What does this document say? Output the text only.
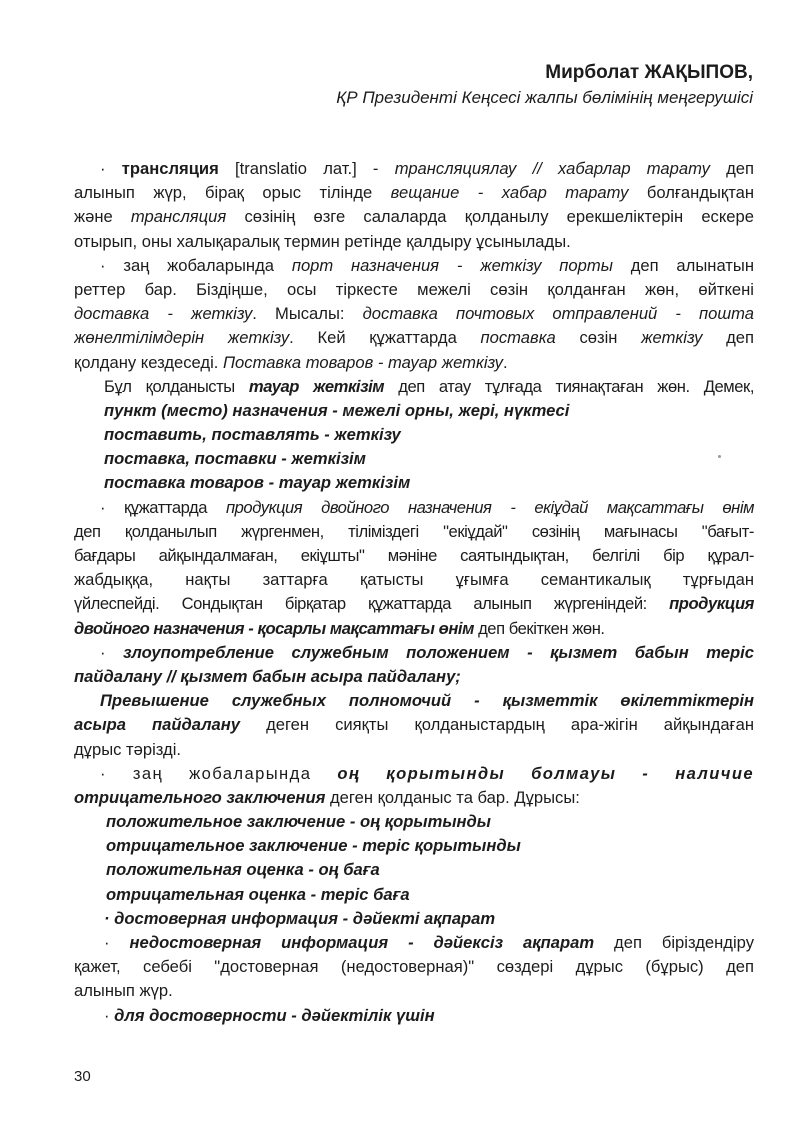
Мирболат ЖАҚЫПОВ,
ҚР Президенті Кеңсесі жалпы бөлімінің меңгерушісі
· трансляция [translatio лат.] - трансляциялау // хабарлар тарату деп
алынып жүр, бірақ орыс тілінде вещание - хабар тарату болғандықтан
және трансляция сөзінің өзге салаларда қолданылу ерекшеліктерін ескере
отырып, оны халықаралық термин ретінде қалдыру ұсынылады.
· заң жобаларында порт назначения - жеткізу порты деп алынатын
реттер бар. Біздіңше, осы тіркесте межелі сөзін қолданған жөн, өйткені
доставка - жеткізу. Мысалы: доставка почтовых отправлений - пошта
жөнелтілімдерін жеткізу. Кей құжаттарда поставка сөзін жеткізу деп
қолдану кездеседі. Поставка товаров - тауар жеткізу.
Бұл қолданысты тауар жеткізім деп атау тұлғада тиянақтаған жөн. Демек,
пункт (место) назначения - межелі орны, жері, нүктесі
поставить, поставлять - жеткізу
поставка, поставки - жеткізім
поставка товаров - тауар жеткізім
· құжаттарда продукция двойного назначения - екіұдай мақсаттағы өнім
деп қолданылып жүргенмен, тіліміздегі "екіұдай" сөзінің мағынасы "бағыт-
бағдары айқындалмаған, екіұшты" мәніне саятындықтан, белгілі бір құрал-
жабдыққа, нақты заттарға қатысты ұғымға семантикалық тұрғыдан
үйлеспейді. Сондықтан бірқатар құжаттарда алынып жүргеніндей: продукция
двойного назначения - қосарлы мақсаттағы өнім деп бекіткен жөн.
· злоупотребление служебным положением - қызмет бабын теріс
пайдалану // қызмет бабын асыра пайдалану;
Превышение служебных полномочий - қызметтік өкілеттіктерін
асыра пайдалану деген сияқты қолданыстардың ара-жігін айқындаған
дұрыс тәрізді.
· заң жобаларында оң қорытынды болмауы - наличие
отрицательного заключения деген қолданыс та бар. Дұрысы:
положительное заключение - оң қорытынды
отрицательное заключение - теріс қорытынды
положительная оценка - оң баға
отрицательная оценка - теріс баға
· достоверная информация - дәйекті ақпарат
· недостоверная информация - дәйексіз ақпарат деп біріздендіру
қажет, себебі "достоверная (недостоверная)" сөздері дұрыс (бұрыс) деп
алынып жүр.
· для достоверности - дәйектілік үшін
30
